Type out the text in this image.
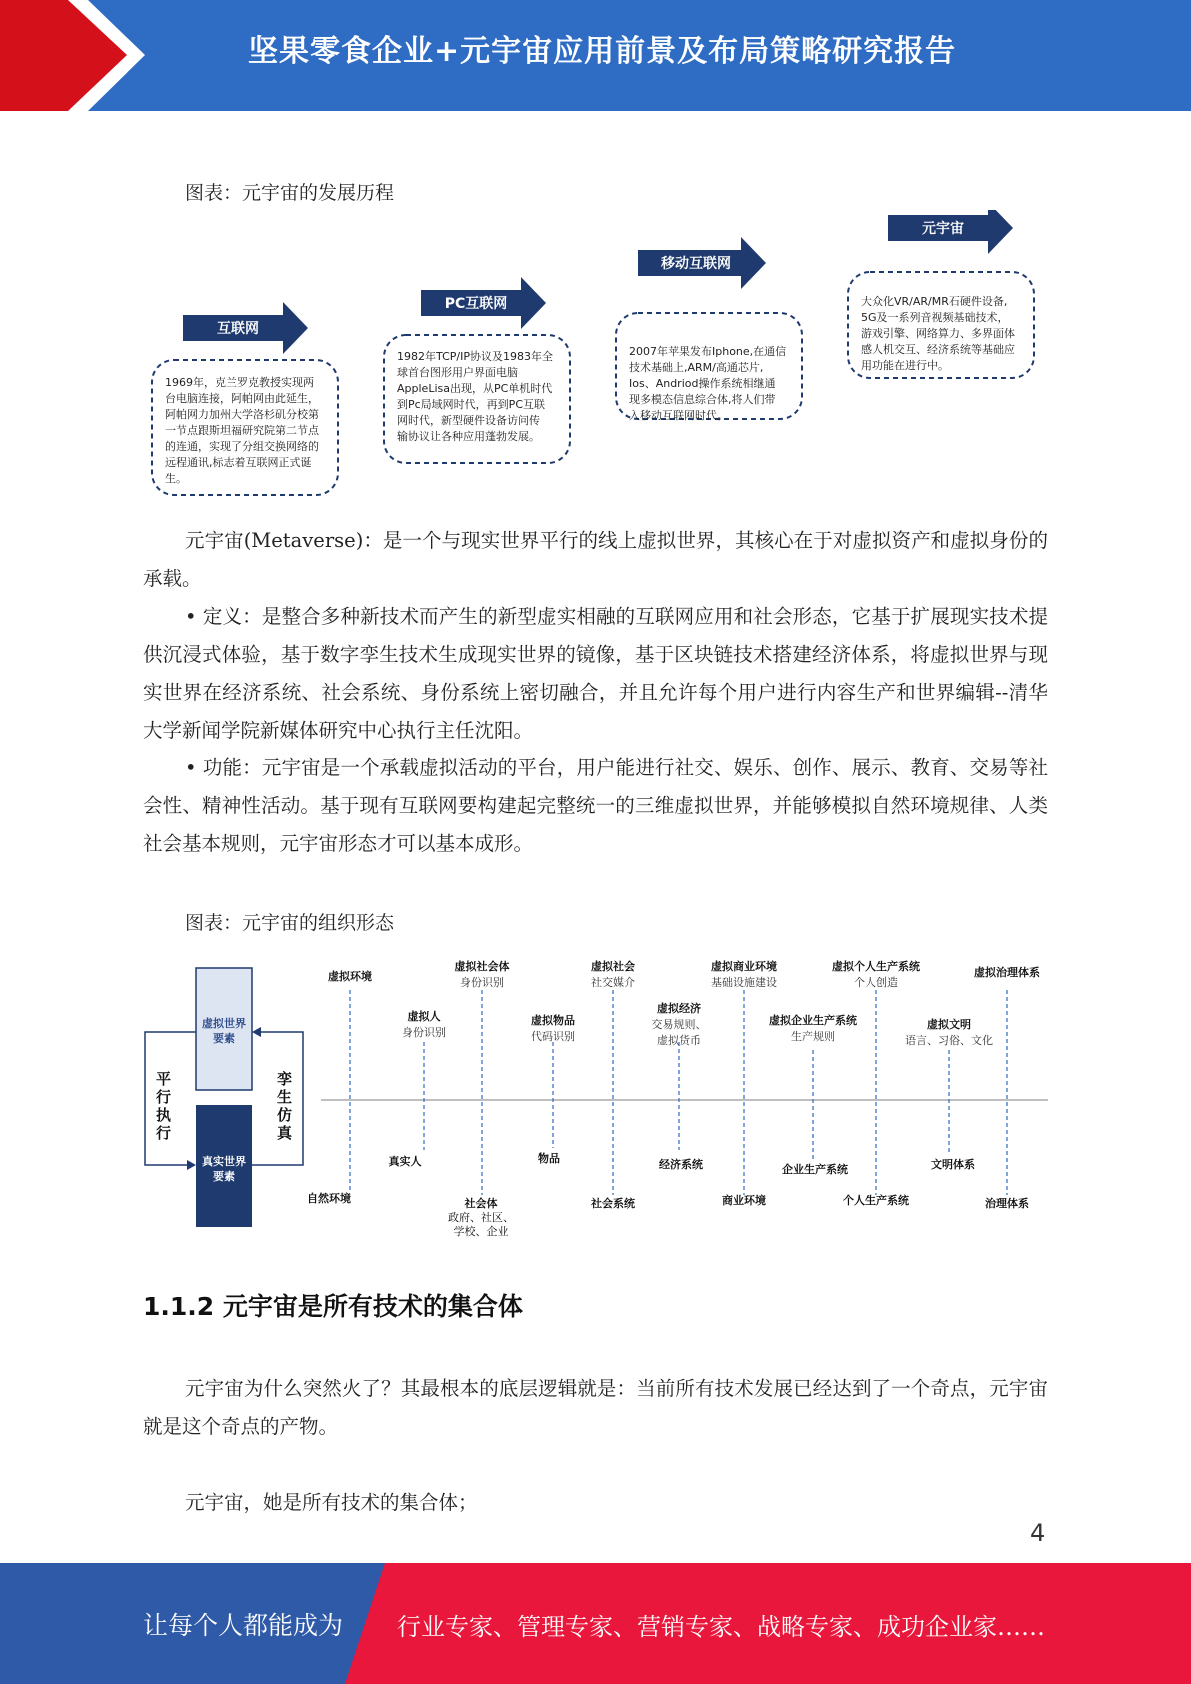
坚果零食企业+元宇宙应用前景及布局策略研究报告
图表：元宇宙的发展历程
互联网
1969年，克兰罗克教授实现两
台电脑连接，阿帕网由此延生，
阿帕网力加州大学洛杉矶分校第
一节点跟斯坦福研究院第二节点
的连通，实现了分组交换网络的
远程通讯,标志着互联网正式诞
生。
PC互联网
1982年TCP/IP协议及1983年全
球首台图形用户界面电脑
AppleLisa出现，从PC单机时代
到Pc局域网时代，再到PC互联
网时代，新型硬件设备访问传
输协议让各种应用蓬勃发展。
移动互联网
2007年苹果发布Iphone,在通信
技术基础上,ARM/高通芯片,
Ios、Andriod操作系统相继通
现多模态信息综合体,将人们带
入移动互联网时代。
元宇宙
大众化VR/AR/MR石硬件设备,
5G及一系列音视频基础技术，
游戏引擎、网络算力、多界面体
感人机交互、经济系统等基础应
用功能在进行中。
元宇宙(Metaverse)：是一个与现实世界平行的线上虚拟世界，其核心在于对虚拟资产和虚拟身份的承载。
• 定义：是整合多种新技术而产生的新型虚实相融的互联网应用和社会形态，它基于扩展现实技术提供沉浸式体验，基于数字孪生技术生成现实世界的镜像，基于区块链技术搭建经济体系，将虚拟世界与现实世界在经济系统、社会系统、身份系统上密切融合，并且允许每个用户进行内容生产和世界编辑--清华大学新闻学院新媒体研究中心执行主任沈阳。
• 功能：元宇宙是一个承载虚拟活动的平台，用户能进行社交、娱乐、创作、展示、教育、交易等社会性、精神性活动。基于现有互联网要构建起完整统一的三维虚拟世界，并能够模拟自然环境规律、人类社会基本规则，元宇宙形态才可以基本成形。
图表：元宇宙的组织形态
虚拟世界
要素
真实世界
要素
平
行
执
行
孪
生
仿
真
1.1.2 元宇宙是所有技术的集合体
元宇宙为什么突然火了？其最根本的底层逻辑就是：当前所有技术发展已经达到了一个奇点，元宇宙就是这个奇点的产物。
元宇宙，她是所有技术的集合体；
4
让每个人都能成为 行业专家、管理专家、营销专家、战略专家、成功企业家……
虚拟环境
虚拟人
身份识别
虚拟社会体
身份识别
虚拟物品
代码识别
虚拟社会
社交媒介
虚拟经济
交易规则、
虚拟货币
虚拟商业环境
基础设施建设
虚拟企业生产系统
生产规则
虚拟个人生产系统
个人创造
虚拟文明
语言、习俗、文化
虚拟治理体系
自然环境
真实人
社会体
物品
社会系统
经济系统
商业环境
企业生产系统
个人生产系统
文明体系
治理体系
政府、社区、
学校、企业
